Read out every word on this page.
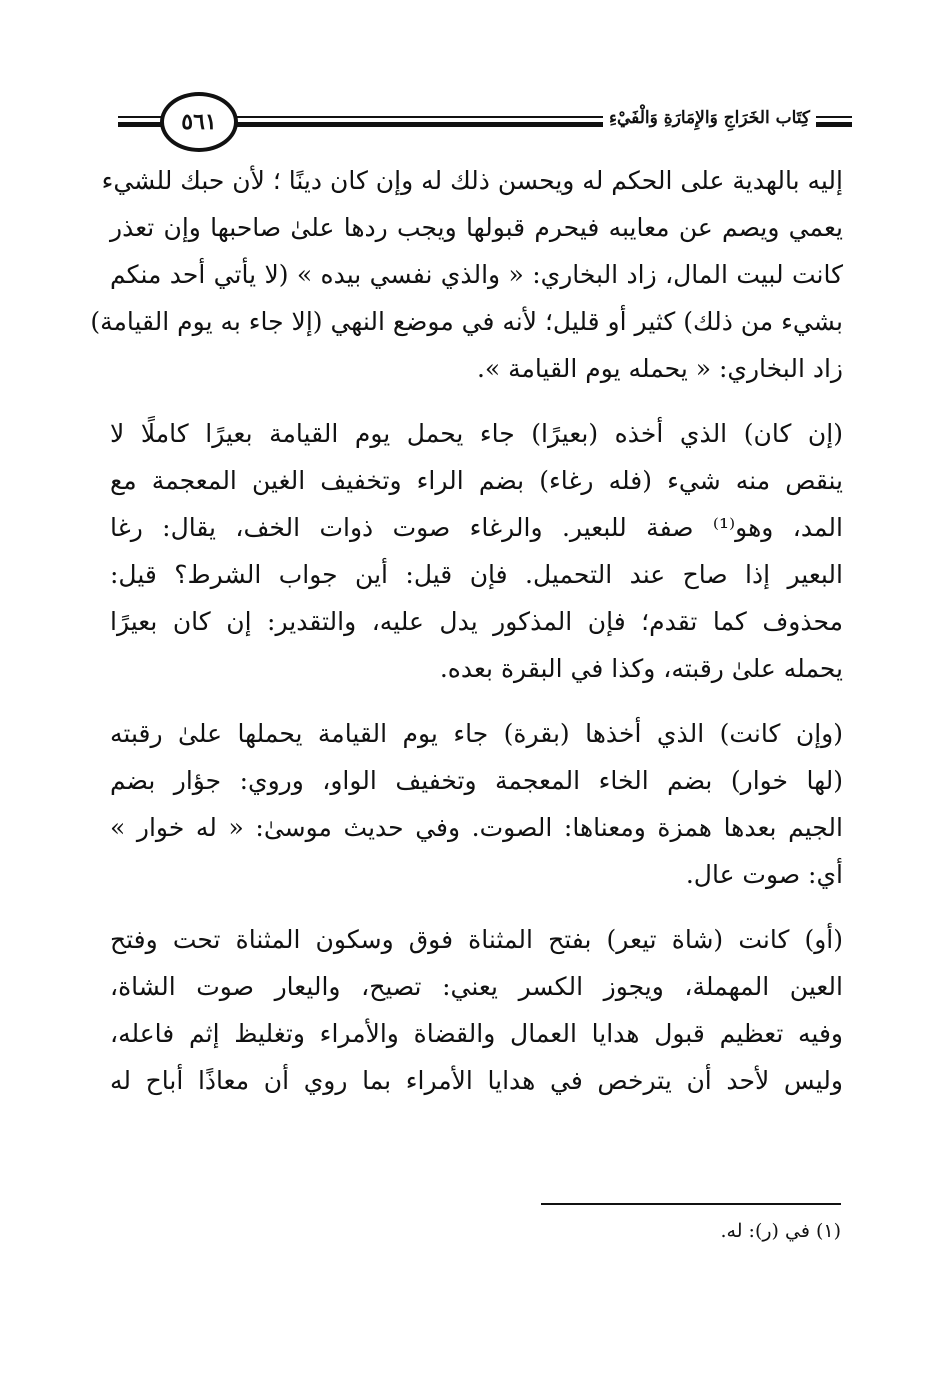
٥٦١	كِتَاب الخَرَاجِ وَالإِمَارَةِ وَالْفَيْءِ
إليه بالهدية على الحكم له ويحسن ذلك له وإن كان دينًا ؛ لأن حبك للشيء
يعمي ويصم عن معايبه فيحرم قبولها ويجب ردها علىٰ صاحبها وإن تعذر
كانت لبيت المال، زاد البخاري: « والذي نفسي بيده » (لا يأتي أحد منكم
بشيء من ذلك) كثير أو قليل؛ لأنه في موضع النهي (إلا جاء به يوم القيامة)
زاد البخاري: « يحمله يوم القيامة ».
(إن كان) الذي أخذه (بعيرًا) جاء يحمل يوم القيامة بعيرًا كاملًا لا
ينقص منه شيء (فله رغاء) بضم الراء وتخفيف الغين المعجمة مع
المد، وهو⁽¹⁾ صفة للبعير. والرغاء صوت ذوات الخف، يقال: رغا
البعير إذا صاح عند التحميل. فإن قيل: أين جواب الشرط؟ قيل:
محذوف كما تقدم؛ فإن المذكور يدل عليه، والتقدير: إن كان بعيرًا
يحمله علىٰ رقبته، وكذا في البقرة بعده.
(وإن كانت) الذي أخذها (بقرة) جاء يوم القيامة يحملها علىٰ رقبته
(لها خوار) بضم الخاء المعجمة وتخفيف الواو، وروي: جؤار بضم
الجيم بعدها همزة ومعناها: الصوت. وفي حديث موسىٰ: « له خوار »
أي: صوت عال.
(أو) كانت (شاة تيعر) بفتح المثناة فوق وسكون المثناة تحت وفتح
العين المهملة، ويجوز الكسر يعني: تصيح، واليعار صوت الشاة،
وفيه تعظيم قبول هدايا العمال والقضاة والأمراء وتغليظ إثم فاعله،
وليس لأحد أن يترخص في هدايا الأمراء بما روي أن معاذًا أباح له
(١) في (ر): له.
